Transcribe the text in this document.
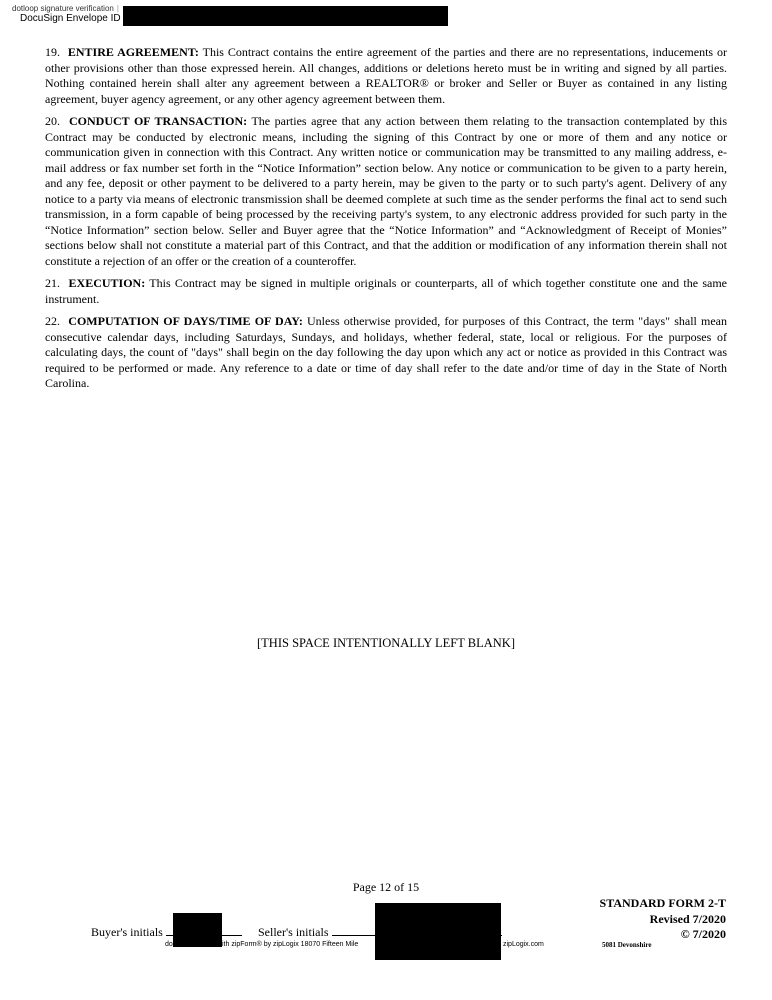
dotloop signature verification |
DocuSign Envelope ID

19. ENTIRE AGREEMENT: This Contract contains the entire agreement of the parties and there are no representations, inducements or other provisions other than those expressed herein. All changes, additions or deletions hereto must be in writing and signed by all parties. Nothing contained herein shall alter any agreement between a REALTOR® or broker and Seller or Buyer as contained in any listing agreement, buyer agency agreement, or any other agency agreement between them.

20. CONDUCT OF TRANSACTION: The parties agree that any action between them relating to the transaction contemplated by this Contract may be conducted by electronic means, including the signing of this Contract by one or more of them and any notice or communication given in connection with this Contract. Any written notice or communication may be transmitted to any mailing address, e-mail address or fax number set forth in the “Notice Information” section below. Any notice or communication to be given to a party herein, and any fee, deposit or other payment to be delivered to a party herein, may be given to the party or to such party's agent. Delivery of any notice to a party via means of electronic transmission shall be deemed complete at such time as the sender performs the final act to send such transmission, in a form capable of being processed by the receiving party's system, to any electronic address provided for such party in the “Notice Information” section below. Seller and Buyer agree that the “Notice Information” and “Acknowledgment of Receipt of Monies” sections below shall not constitute a material part of this Contract, and that the addition or modification of any information therein shall not constitute a rejection of an offer or the creation of a counteroffer.

21. EXECUTION: This Contract may be signed in multiple originals or counterparts, all of which together constitute one and the same instrument.

22. COMPUTATION OF DAYS/TIME OF DAY: Unless otherwise provided, for purposes of this Contract, the term "days" shall mean consecutive calendar days, including Saturdays, Sundays, and holidays, whether federal, state, local or religious. For the purposes of calculating days, the count of "days" shall begin on the day following the day upon which any act or notice as provided in this Contract was required to be performed or made. Any reference to a date or time of day shall refer to the date and/or time of day in the State of North Carolina.

[THIS SPACE INTENTIONALLY LEFT BLANK]
Page 12 of 15
STANDARD FORM 2-T
Revised 7/2020
© 7/2020
Buyer's initials	Seller's initials
do	ith zipForm® by zipLogix 18070 Fifteen Mile	zipLogix.com	5081 Devonshire
